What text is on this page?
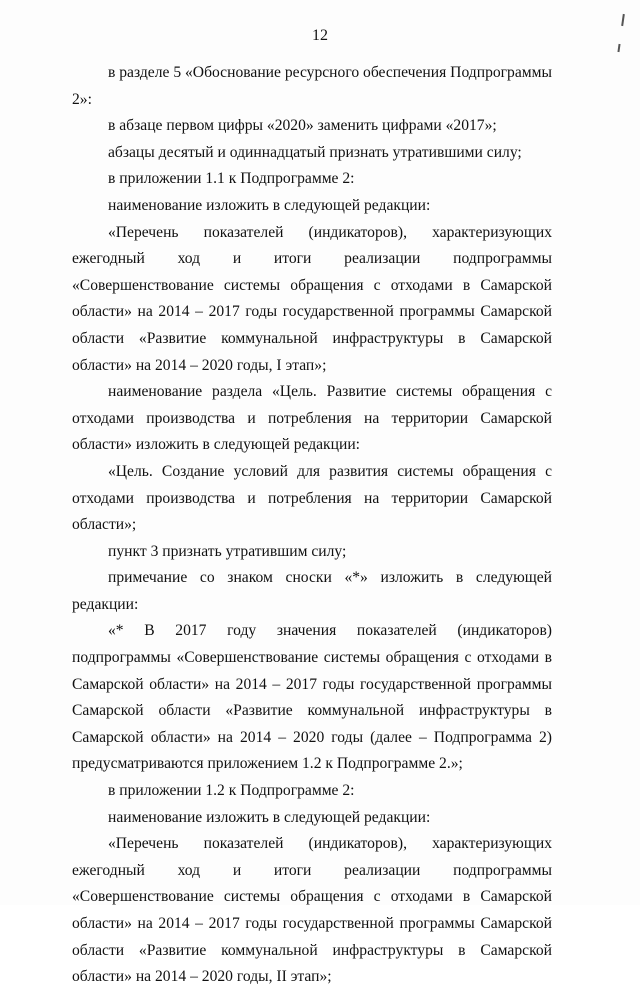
12

в разделе 5 «Обоснование ресурсного обеспечения Подпрограммы 2»:

в абзаце первом цифры «2020» заменить цифрами «2017»;

абзацы десятый и одиннадцатый признать утратившими силу;

в приложении 1.1 к Подпрограмме 2:

наименование изложить в следующей редакции:

«Перечень показателей (индикаторов), характеризующих ежегодный ход и итоги реализации подпрограммы «Совершенствование системы обращения с отходами в Самарской области» на 2014 – 2017 годы государственной программы Самарской области «Развитие коммунальной инфраструктуры в Самарской области» на 2014 – 2020 годы, I этап»;

наименование раздела «Цель. Развитие системы обращения с отходами производства и потребления на территории Самарской области» изложить в следующей редакции:

«Цель. Создание условий для развития системы обращения с отходами производства и потребления на территории Самарской области»;

пункт 3 признать утратившим силу;

примечание со знаком сноски «*» изложить в следующей редакции:

«* В 2017 году значения показателей (индикаторов) подпрограммы «Совершенствование системы обращения с отходами в Самарской области» на 2014 – 2017 годы государственной программы Самарской области «Развитие коммунальной инфраструктуры в Самарской области» на 2014 – 2020 годы (далее – Подпрограмма 2) предусматриваются приложением 1.2 к Подпрограмме 2.»;

в приложении 1.2 к Подпрограмме 2:

наименование изложить в следующей редакции:

«Перечень показателей (индикаторов), характеризующих ежегодный ход и итоги реализации подпрограммы «Совершенствование системы обращения с отходами в Самарской области» на 2014 – 2017 годы государственной программы Самарской области «Развитие коммунальной инфраструктуры в Самарской области» на 2014 – 2020 годы, II этап»;
